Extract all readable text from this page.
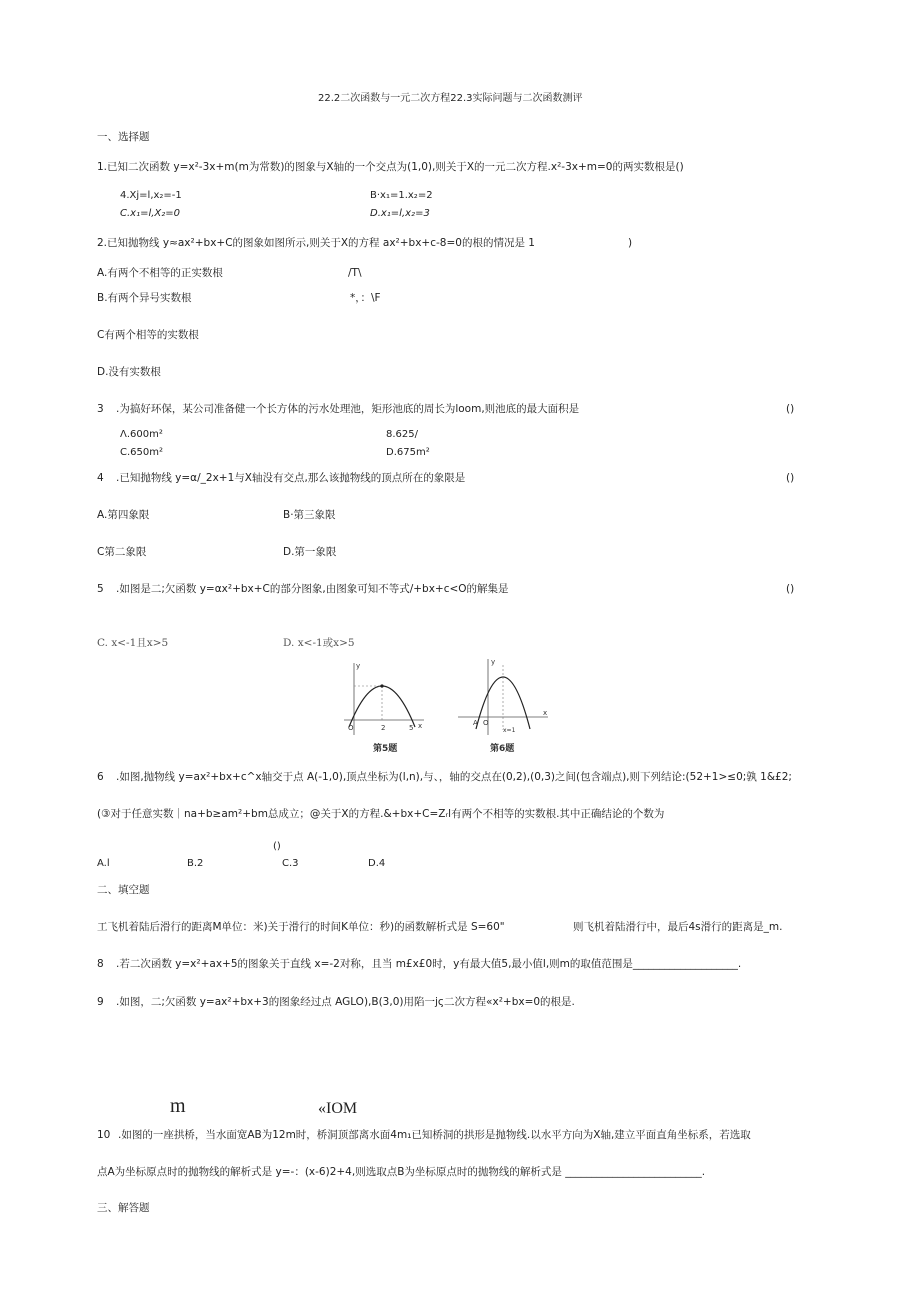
22.2二次函数与一元二次方程22.3实际问题与二次函数测评
一、选择题
1.已知二次函数 y=x²-3x+m(m为常数)的图象与X轴的一个交点为(1,0),则关于X的一元二次方程.x²-3x+m=0的两实数根是()
4.Xj=l,x₂=-1	B·x₁=1.x₂=2
C.x₁=l,X₂=0	D.x₁=l,x₂=3
2.已知抛物线 y≈ax²+bx+C的图象如图所示,则关于X的方程 ax²+bx+c-8=0的根的情况是 1	)
A.有两个不相等的正实数根	/T\
B.有两个异号实数根	*，：\F
C有两个相等的实数根
D.没有实数根
3 .为搞好环保，某公司准备健一个长方体的污水处理池，矩形池底的周长为loom,则池底的最大面积是	()
Λ.600m²	8.625/
C.650m²	D.675m²
4 .已知抛物线 y=α/_2x+1与X轴没有交点,那么该抛物线的顶点所在的象限是	()
A.第四象限	B·第三象限
C第二象限	D.第一象限
5 .如图是二;欠函数 y=αx²+bx+C的部分图象,由图象可知不等式/+bx+c<O的解集是	()
C. x<-1且x>5	D. x<-1或x>5
y
O	2	5 x
第5题
y
A O
x
x=1
第6题
6 .如图,抛物线 y=ax²+bx+c^x轴交于点 A(-1,0),顶点坐标为(l,n),与、，轴的交点在(0,2),(0,3)之间(包含端点),则下列结论:(52+1>≤0;孰 1&£2;
(③对于任意实数｜na+b≥am²+bm总成立；@关于X的方程.&+bx+C=Zᵣl有两个不相等的实数根.其中正确结论的个数为
()
A.l	B.2	C.3	D.4
二、填空题
工飞机着陆后滑行的距离M单位：米)关于滑行的时间K单位：秒)的函数解析式是 S=60"	则飞机着陆滑行中，最后4s滑行的距离是_m.
8 .若二次函数 y=x²+ax+5的图象关于直线 x=-2对称，且当 m£x£0时，y有最大值5,最小值l,则m的取值范围是____________________.
9 .如图，二;欠函数 y=ax²+bx+3的图象经过点 AGLO),B(3,0)用陷一jς二次方程«x²+bx=0的根是.
m	«IOM
10 .如图的一座拱桥，当水面宽AB为12m时，桥洞顶部离水面4m₁已知桥洞的拱形是抛物线.以水平方向为X轴,建立平面直角坐标系，若选取
点A为坐标原点时的抛物线的解析式是 y=-：(x-6)2+4,则选取点B为坐标原点时的抛物线的解析式是 __________________________.
三、解答题
